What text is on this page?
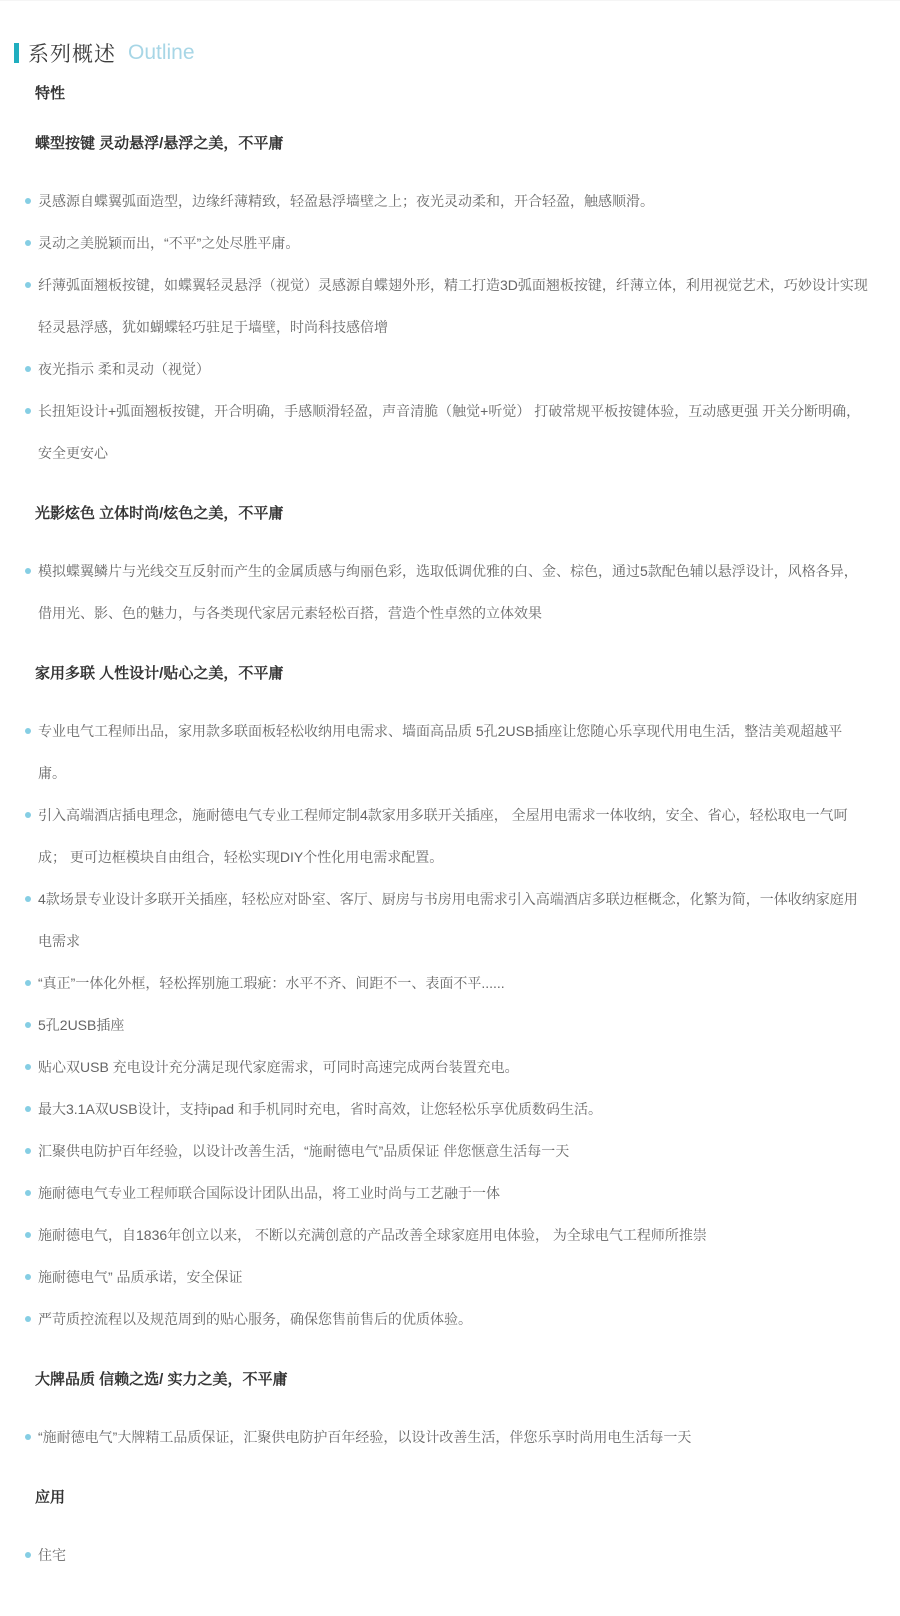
系列概述 Outline
特性
蝶型按键 灵动悬浮/悬浮之美，不平庸
灵感源自蝶翼弧面造型，边缘纤薄精致，轻盈悬浮墙壁之上；夜光灵动柔和，开合轻盈，触感顺滑。
灵动之美脱颖而出，“不平”之处尽胜平庸。
纤薄弧面翘板按键，如蝶翼轻灵悬浮（视觉）灵感源自蝶翅外形，精工打造3D弧面翘板按键，纤薄立体，利用视觉艺术，巧妙设计实现轻灵悬浮感，犹如蝴蝶轻巧驻足于墙壁，时尚科技感倍增
夜光指示 柔和灵动（视觉）
长扭矩设计+弧面翘板按键，开合明确，手感顺滑轻盈，声音清脆（触觉+听觉） 打破常规平板按键体验，互动感更强 开关分断明确，安全更安心
光影炫色 立体时尚/炫色之美，不平庸
模拟蝶翼鳞片与光线交互反射而产生的金属质感与绚丽色彩，选取低调优雅的白、金、棕色，通过5款配色辅以悬浮设计，风格各异，借用光、影、色的魅力，与各类现代家居元素轻松百搭，营造个性卓然的立体效果
家用多联 人性设计/贴心之美，不平庸
专业电气工程师出品，家用款多联面板轻松收纳用电需求、墙面高品质 5孔2USB插座让您随心乐享现代用电生活，整洁美观超越平庸。
引入高端酒店插电理念，施耐德电气专业工程师定制4款家用多联开关插座， 全屋用电需求一体收纳，安全、省心，轻松取电一气呵成； 更可边框模块自由组合，轻松实现DIY个性化用电需求配置。
4款场景专业设计多联开关插座，轻松应对卧室、客厅、厨房与书房用电需求引入高端酒店多联边框概念，化繁为简，一体收纳家庭用电需求
“真正”一体化外框，轻松挥别施工瑕疵：水平不齐、间距不一、表面不平......
5孔2USB插座
贴心双USB 充电设计充分满足现代家庭需求，可同时高速完成两台装置充电。
最大3.1A双USB设计，支持ipad 和手机同时充电，省时高效，让您轻松乐享优质数码生活。
汇聚供电防护百年经验，以设计改善生活，“施耐德电气”品质保证 伴您惬意生活每一天
施耐德电气专业工程师联合国际设计团队出品，将工业时尚与工艺融于一体
施耐德电气，自1836年创立以来， 不断以充满创意的产品改善全球家庭用电体验， 为全球电气工程师所推崇
施耐德电气” 品质承诺，安全保证
严苛质控流程以及规范周到的贴心服务，确保您售前售后的优质体验。
大牌品质 信赖之选/ 实力之美，不平庸
“施耐德电气”大牌精工品质保证，汇聚供电防护百年经验，以设计改善生活，伴您乐享时尚用电生活每一天
应用
住宅
